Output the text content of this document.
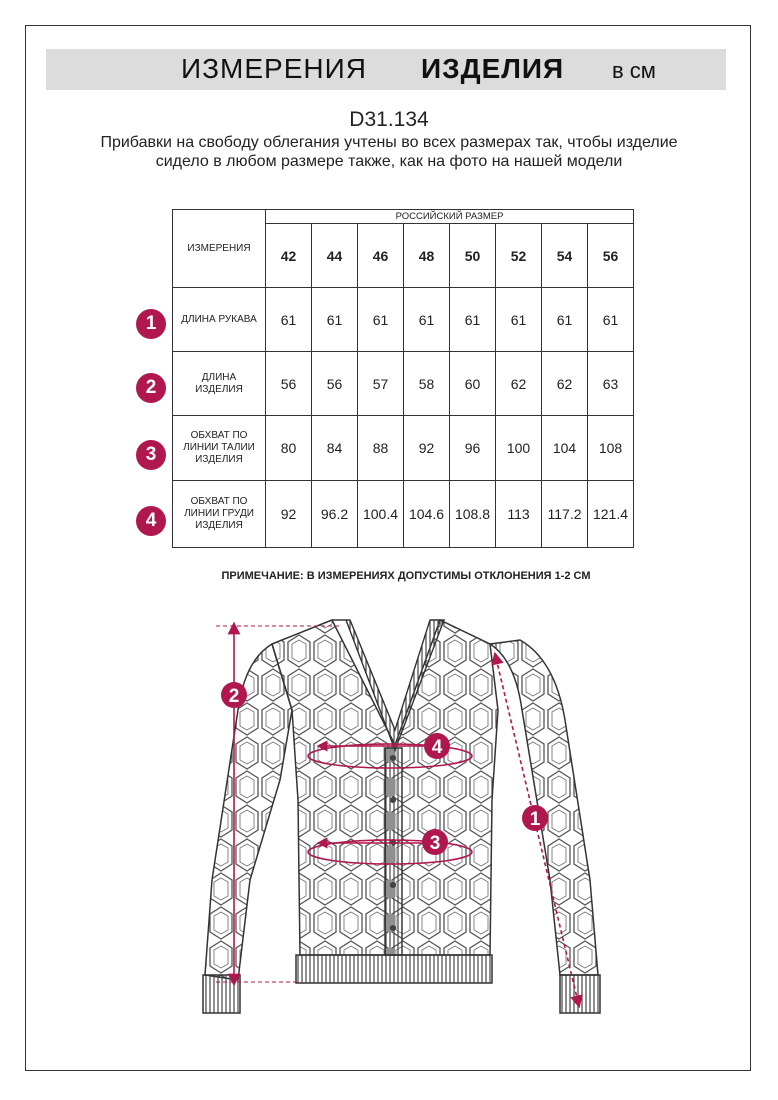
ИЗМЕРЕНИЯ ИЗДЕЛИЯ в см
D31.134
Прибавки на свободу облегания учтены во всех размерах так, чтобы изделие сидело в любом размере также, как на фото на нашей модели
ИЗМЕРЕНИЯ	РОССИЙСКИЙ РАЗМЕР							
	42	44	46	48	50	52	54	56
ДЛИНА РУКАВА	61	61	61	61	61	61	61	61
ДЛИНА
ИЗДЕЛИЯ	56	56	57	58	60	62	62	63
ОБХВАТ ПО
ЛИНИИ ТАЛИИ
ИЗДЕЛИЯ	80	84	88	92	96	100	104	108
ОБХВАТ ПО
ЛИНИИ ГРУДИ
ИЗДЕЛИЯ	92	96.2	100.4	104.6	108.8	113	117.2	121.4
1
2
3
4
ПРИМЕЧАНИЕ: В ИЗМЕРЕНИЯХ ДОПУСТИМЫ ОТКЛОНЕНИЯ 1-2 СМ
2
4
3
1
